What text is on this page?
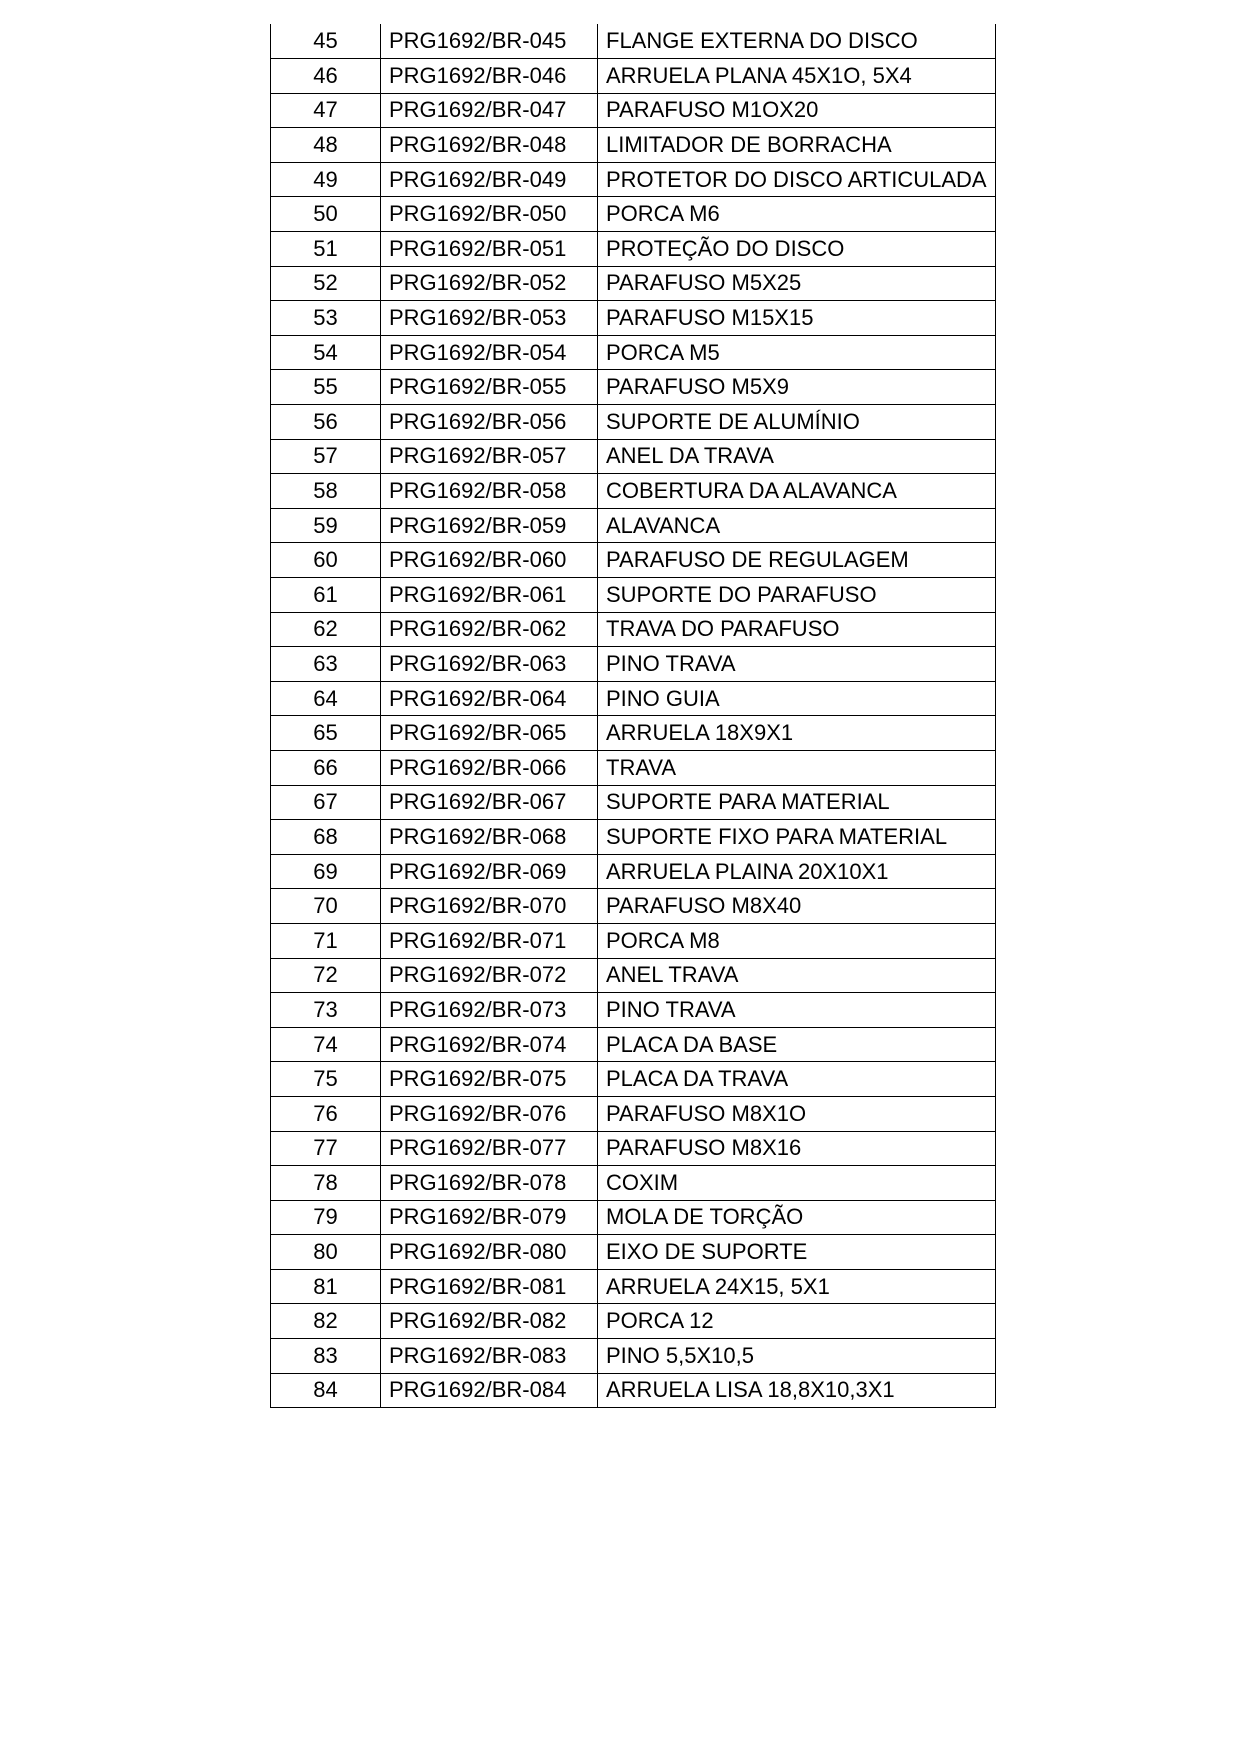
45	PRG1692/BR-045	FLANGE EXTERNA DO DISCO
46	PRG1692/BR-046	ARRUELA PLANA 45X1O, 5X4
47	PRG1692/BR-047	PARAFUSO M1OX20
48	PRG1692/BR-048	LIMITADOR DE BORRACHA
49	PRG1692/BR-049	PROTETOR DO DISCO ARTICULADA
50	PRG1692/BR-050	PORCA M6
51	PRG1692/BR-051	PROTEÇÃO DO DISCO
52	PRG1692/BR-052	PARAFUSO M5X25
53	PRG1692/BR-053	PARAFUSO M15X15
54	PRG1692/BR-054	PORCA M5
55	PRG1692/BR-055	PARAFUSO M5X9
56	PRG1692/BR-056	SUPORTE DE ALUMÍNIO
57	PRG1692/BR-057	ANEL DA TRAVA
58	PRG1692/BR-058	COBERTURA DA ALAVANCA
59	PRG1692/BR-059	ALAVANCA
60	PRG1692/BR-060	PARAFUSO DE REGULAGEM
61	PRG1692/BR-061	SUPORTE DO PARAFUSO
62	PRG1692/BR-062	TRAVA DO PARAFUSO
63	PRG1692/BR-063	PINO TRAVA
64	PRG1692/BR-064	PINO GUIA
65	PRG1692/BR-065	ARRUELA 18X9X1
66	PRG1692/BR-066	TRAVA
67	PRG1692/BR-067	SUPORTE PARA MATERIAL
68	PRG1692/BR-068	SUPORTE FIXO PARA MATERIAL
69	PRG1692/BR-069	ARRUELA PLAINA 20X10X1
70	PRG1692/BR-070	PARAFUSO M8X40
71	PRG1692/BR-071	PORCA M8
72	PRG1692/BR-072	ANEL TRAVA
73	PRG1692/BR-073	PINO TRAVA
74	PRG1692/BR-074	PLACA DA BASE
75	PRG1692/BR-075	PLACA DA TRAVA
76	PRG1692/BR-076	PARAFUSO M8X1O
77	PRG1692/BR-077	PARAFUSO M8X16
78	PRG1692/BR-078	COXIM
79	PRG1692/BR-079	MOLA DE TORÇÃO
80	PRG1692/BR-080	EIXO DE SUPORTE
81	PRG1692/BR-081	ARRUELA 24X15, 5X1
82	PRG1692/BR-082	PORCA 12
83	PRG1692/BR-083	PINO 5,5X10,5
84	PRG1692/BR-084	ARRUELA LISA 18,8X10,3X1
